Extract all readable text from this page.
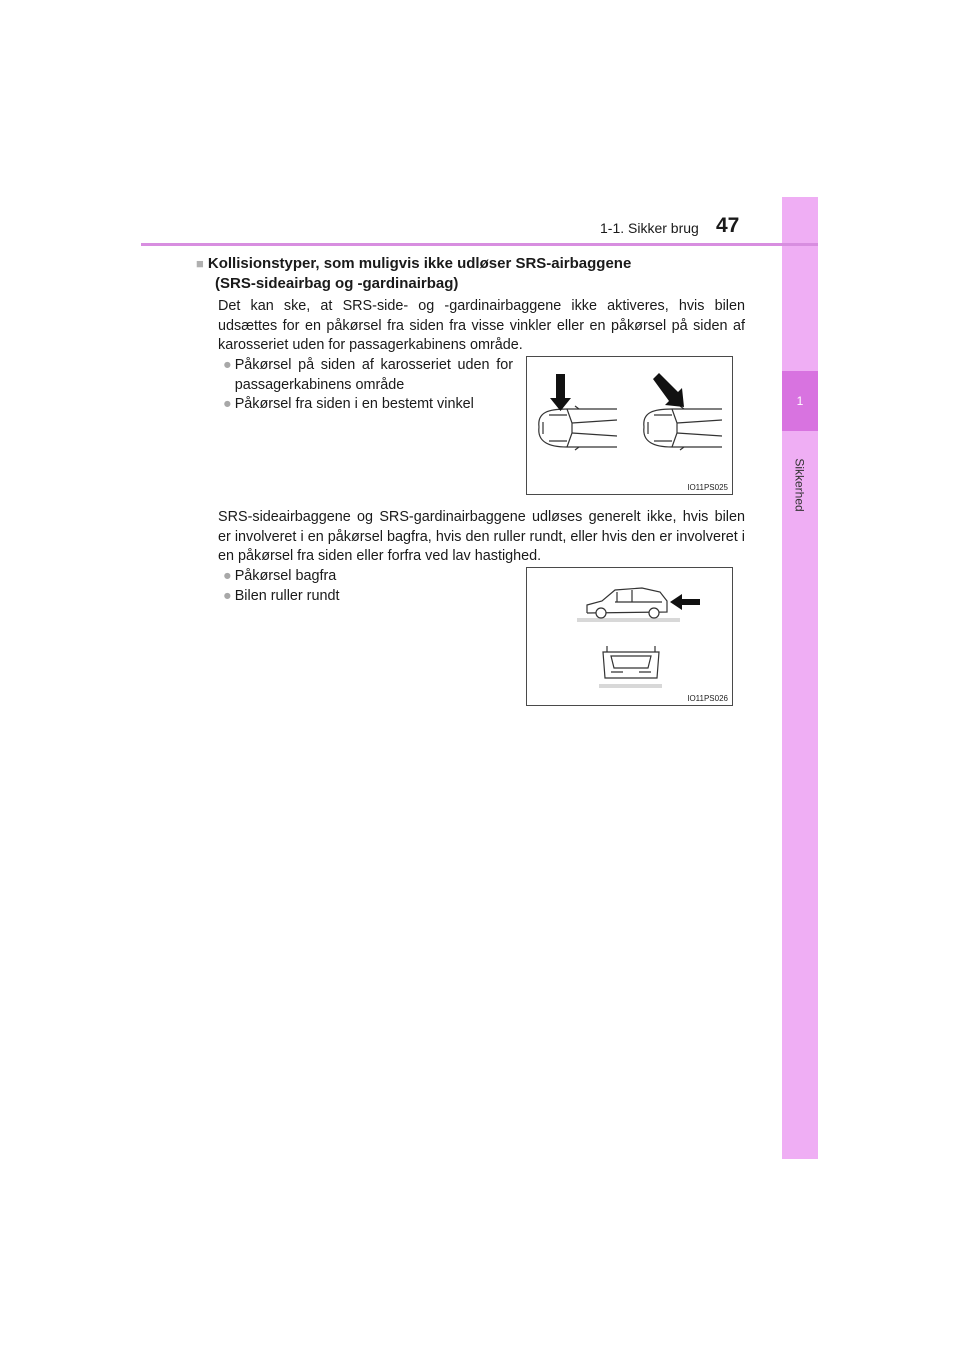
1
Sikkerhed
1-1. Sikker brug 47
■ Kollisionstyper, som muligvis ikke udløser SRS-airbaggene
(SRS-sideairbag og -gardinairbag)
Det kan ske, at SRS-side- og -gardinairbaggene ikke aktiveres, hvis bilen udsættes for en påkørsel fra siden fra visse vinkler eller en påkørsel på siden af karosseriet uden for passagerkabinens område.
● Påkørsel på siden af karosseriet uden for passagerkabinens område
● Påkørsel fra siden i en bestemt vinkel
IO11PS025
SRS-sideairbaggene og SRS-gardinairbaggene udløses generelt ikke, hvis bilen er involveret i en påkørsel bagfra, hvis den ruller rundt, eller hvis den er involveret i en påkørsel fra siden eller forfra ved lav hastighed.
● Påkørsel bagfra
● Bilen ruller rundt
IO11PS026
